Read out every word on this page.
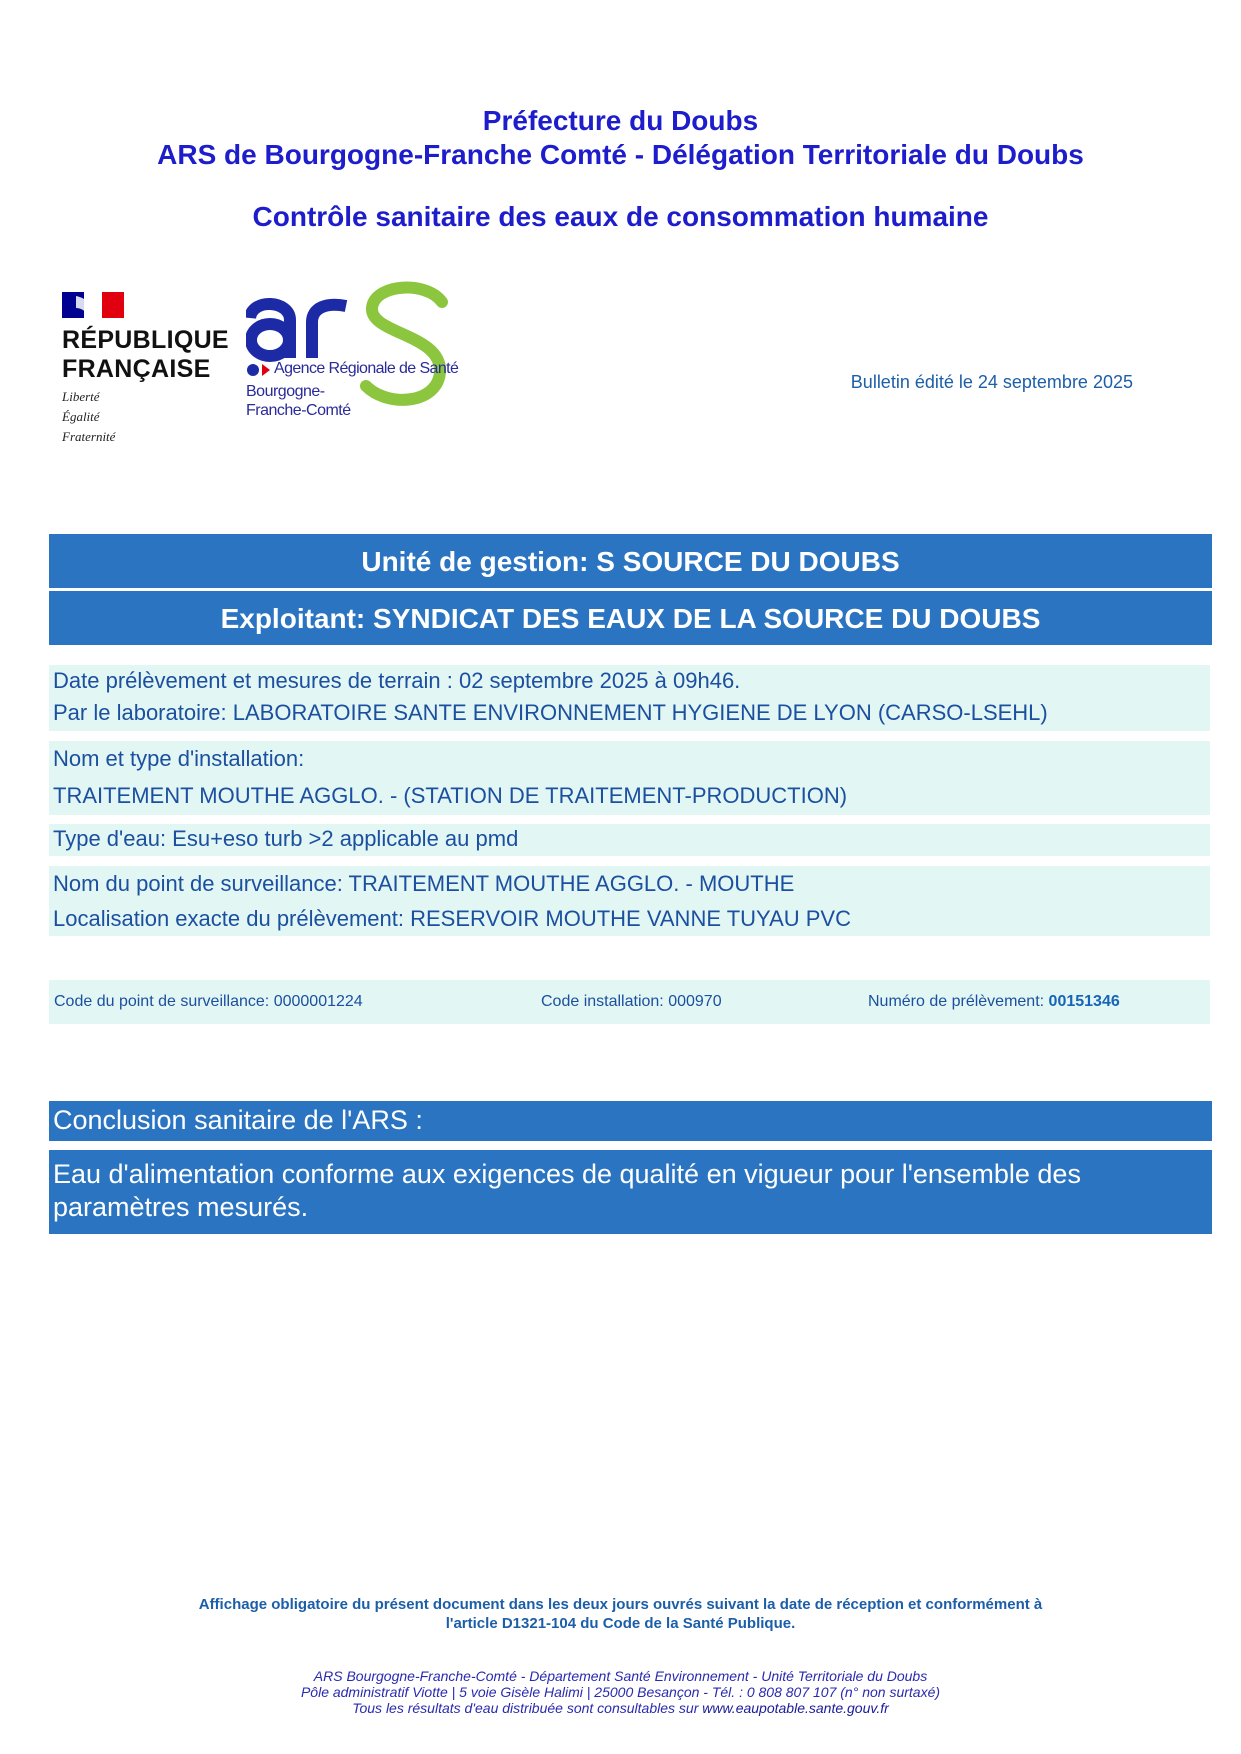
Préfecture du Doubs
ARS de Bourgogne-Franche Comté - Délégation Territoriale du Doubs
Contrôle sanitaire des eaux de consommation humaine
RÉPUBLIQUE
FRANÇAISE
Liberté
Égalité
Fraternité
Agence Régionale de Santé
Bourgogne-
Franche-Comté
Bulletin édité le 24 septembre 2025
Unité de gestion: S SOURCE DU DOUBS
Exploitant: SYNDICAT DES EAUX DE LA SOURCE DU DOUBS
Date prélèvement et mesures de terrain : 02 septembre 2025 à 09h46.
Par le laboratoire: LABORATOIRE SANTE ENVIRONNEMENT HYGIENE DE LYON (CARSO-LSEHL)
Nom et type d'installation:
TRAITEMENT MOUTHE AGGLO. - (STATION DE TRAITEMENT-PRODUCTION)
Type d'eau: Esu+eso turb >2 applicable au pmd
Nom du point de surveillance: TRAITEMENT MOUTHE AGGLO. - MOUTHE
Localisation exacte du prélèvement: RESERVOIR MOUTHE VANNE TUYAU PVC
Code du point de surveillance: 0000001224	Code installation: 000970	Numéro de prélèvement: 00151346
Conclusion sanitaire de l'ARS :
Eau d'alimentation conforme aux exigences de qualité en vigueur pour l'ensemble des paramètres mesurés.
Affichage obligatoire du présent document dans les deux jours ouvrés suivant la date de réception et conformément à
l'article D1321-104 du Code de la Santé Publique.
ARS Bourgogne-Franche-Comté - Département Santé Environnement - Unité Territoriale du Doubs
Pôle administratif Viotte | 5 voie Gisèle Halimi | 25000 Besançon - Tél. : 0 808 807 107 (n° non surtaxé)
Tous les résultats d'eau distribuée sont consultables sur www.eaupotable.sante.gouv.fr
